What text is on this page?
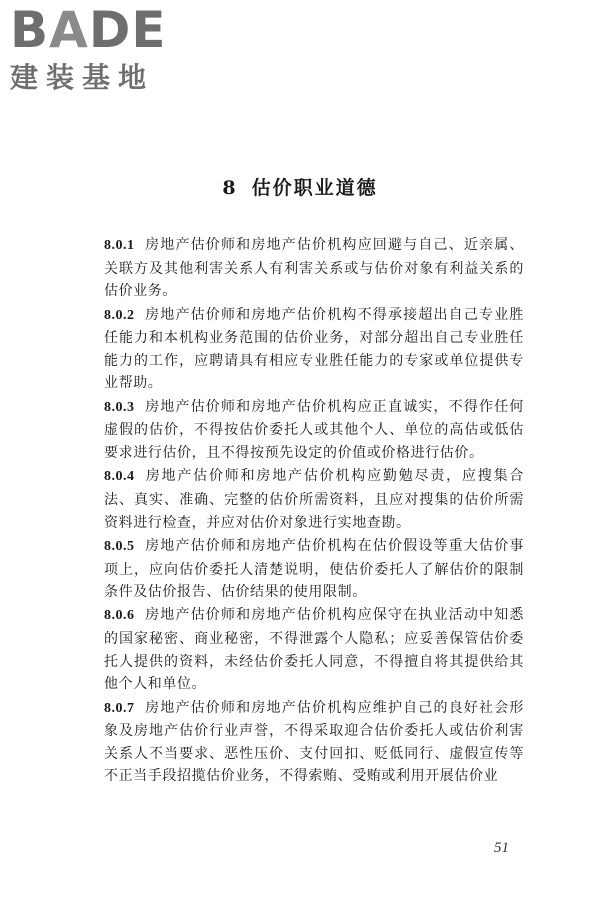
BADE
建装基地
8 估价职业道德

8.0.1 房地产估价师和房地产估价机构应回避与自己、近亲属、关联方及其他利害关系人有利害关系或与估价对象有利益关系的估价业务。

8.0.2 房地产估价师和房地产估价机构不得承接超出自己专业胜任能力和本机构业务范围的估价业务，对部分超出自己专业胜任能力的工作，应聘请具有相应专业胜任能力的专家或单位提供专业帮助。

8.0.3 房地产估价师和房地产估价机构应正直诚实，不得作任何虚假的估价，不得按估价委托人或其他个人、单位的高估或低估要求进行估价，且不得按预先设定的价值或价格进行估价。

8.0.4 房地产估价师和房地产估价机构应勤勉尽责，应搜集合法、真实、准确、完整的估价所需资料，且应对搜集的估价所需资料进行检查，并应对估价对象进行实地查勘。

8.0.5 房地产估价师和房地产估价机构在估价假设等重大估价事项上，应向估价委托人清楚说明，使估价委托人了解估价的限制条件及估价报告、估价结果的使用限制。

8.0.6 房地产估价师和房地产估价机构应保守在执业活动中知悉的国家秘密、商业秘密，不得泄露个人隐私；应妥善保管估价委托人提供的资料，未经估价委托人同意，不得擅自将其提供给其他个人和单位。

8.0.7 房地产估价师和房地产估价机构应维护自己的良好社会形象及房地产估价行业声誉，不得采取迎合估价委托人或估价利害关系人不当要求、恶性压价、支付回扣、贬低同行、虚假宣传等不正当手段招揽估价业务，不得索贿、受贿或利用开展估价业

51
